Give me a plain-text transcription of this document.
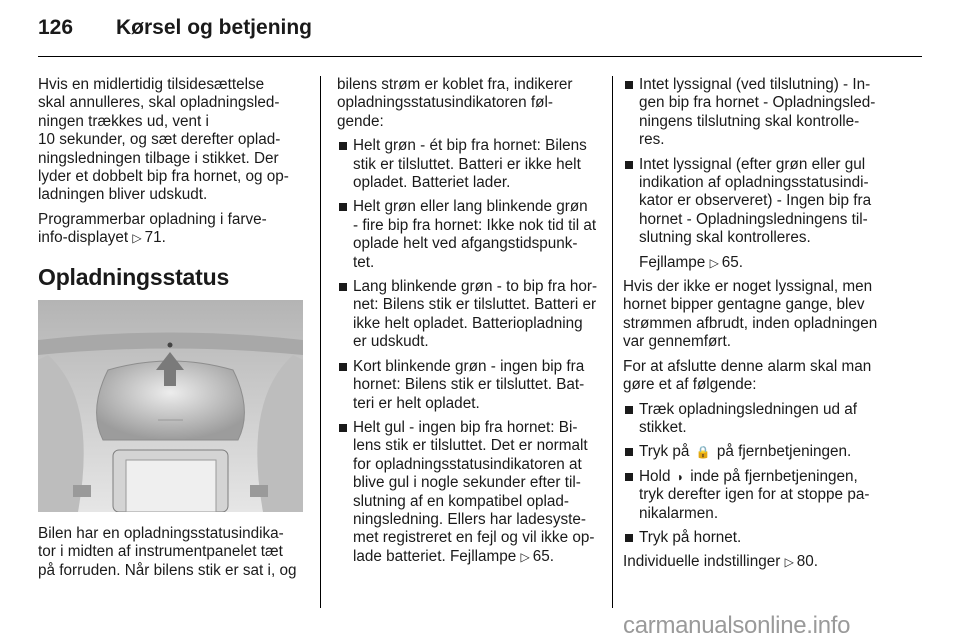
126	Kørsel og betjening

Hvis en midlertidig tilsidesættelse
skal annulleres, skal opladningsled-
ningen trækkes ud, vent i
10 sekunder, og sæt derefter oplad-
ningsledningen tilbage i stikket. Der
lyder et dobbelt bip fra hornet, og op-
ladningen bliver udskudt.

Programmerbar opladning i farve-
info-displayet ▷ 71.

Opladningsstatus

Bilen har en opladningsstatusindika-
tor i midten af instrumentpanelet tæt
på forruden. Når bilens stik er sat i, og

bilens strøm er koblet fra, indikerer
opladningsstatusindikatoren føl-
gende:

Helt grøn - ét bip fra hornet: Bilens
stik er tilsluttet. Batteri er ikke helt
opladet. Batteriet lader.
Helt grøn eller lang blinkende grøn
- fire bip fra hornet: Ikke nok tid til at
oplade helt ved afgangstidspunk-
tet.
Lang blinkende grøn - to bip fra hor-
net: Bilens stik er tilsluttet. Batteri er
ikke helt opladet. Batteriopladning
er udskudt.
Kort blinkende grøn - ingen bip fra
hornet: Bilens stik er tilsluttet. Bat-
teri er helt opladet.
Helt gul - ingen bip fra hornet: Bi-
lens stik er tilsluttet. Det er normalt
for opladningsstatusindikatoren at
blive gul i nogle sekunder efter til-
slutning af en kompatibel oplad-
ningsledning. Ellers har ladesyste-
met registreret en fejl og vil ikke op-
lade batteriet. Fejllampe ▷ 65.
Intet lyssignal (ved tilslutning) - In-
gen bip fra hornet - Opladningsled-
ningens tilslutning skal kontrolle-
res.
Intet lyssignal (efter grøn eller gul
indikation af opladningsstatusindi-
kator er observeret) - Ingen bip fra
hornet - Opladningsledningens til-
slutning skal kontrolleres.
Fejllampe ▷ 65.

Hvis der ikke er noget lyssignal, men
hornet bipper gentagne gange, blev
strømmen afbrudt, inden opladningen
var gennemført.

For at afslutte denne alarm skal man
gøre et af følgende:

Træk opladningsledningen ud af
stikket.
Tryk på 🔒 på fjernbetjeningen.
Hold ◗ inde på fjernbetjeningen,
tryk derefter igen for at stoppe pa-
nikalarmen.
Tryk på hornet.

Individuelle indstillinger ▷ 80.

carmanualsonline.info
